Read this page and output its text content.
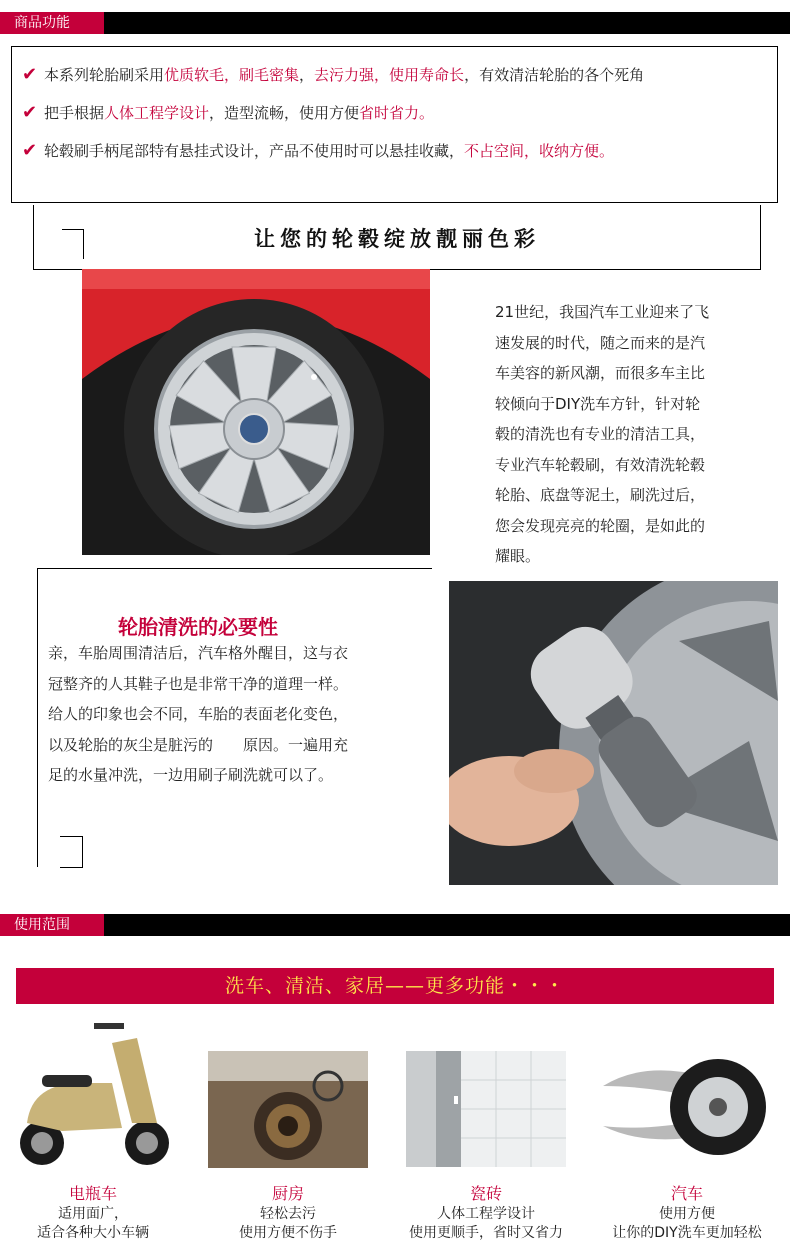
商品功能
✔ 本系列轮胎刷采用优质软毛，刷毛密集，去污力强，使用寿命长，有效清洁轮胎的各个死角
✔ 把手根据人体工程学设计，造型流畅，使用方便省时省力。
✔ 轮毂刷手柄尾部特有悬挂式设计，产品不使用时可以悬挂收藏，不占空间，收纳方便。
让您的轮毂绽放靓丽色彩
21世纪，我国汽车工业迎来了飞
速发展的时代，随之而来的是汽
车美容的新风潮，而很多车主比
较倾向于DIY洗车方针，针对轮
毂的清洗也有专业的清洁工具，
专业汽车轮毂刷，有效清洗轮毂
轮胎、底盘等泥土，刷洗过后，
您会发现亮亮的轮圈，是如此的
耀眼。
轮胎清洗的必要性
亲，车胎周围清洁后，汽车格外醒目，这与衣
冠整齐的人其鞋子也是非常干净的道理一样。
给人的印象也会不同，车胎的表面老化变色，
以及轮胎的灰尘是脏污的　　原因。一遍用充
足的水量冲洗，一边用刷子刷洗就可以了。
使用范围
洗车、清洁、家居——更多功能・・・
电瓶车
适用面广，
适合各种大小车辆
厨房
轻松去污
使用方便不伤手
瓷砖
人体工程学设计
使用更顺手，省时又省力
汽车
使用方便
让你的DIY洗车更加轻松
